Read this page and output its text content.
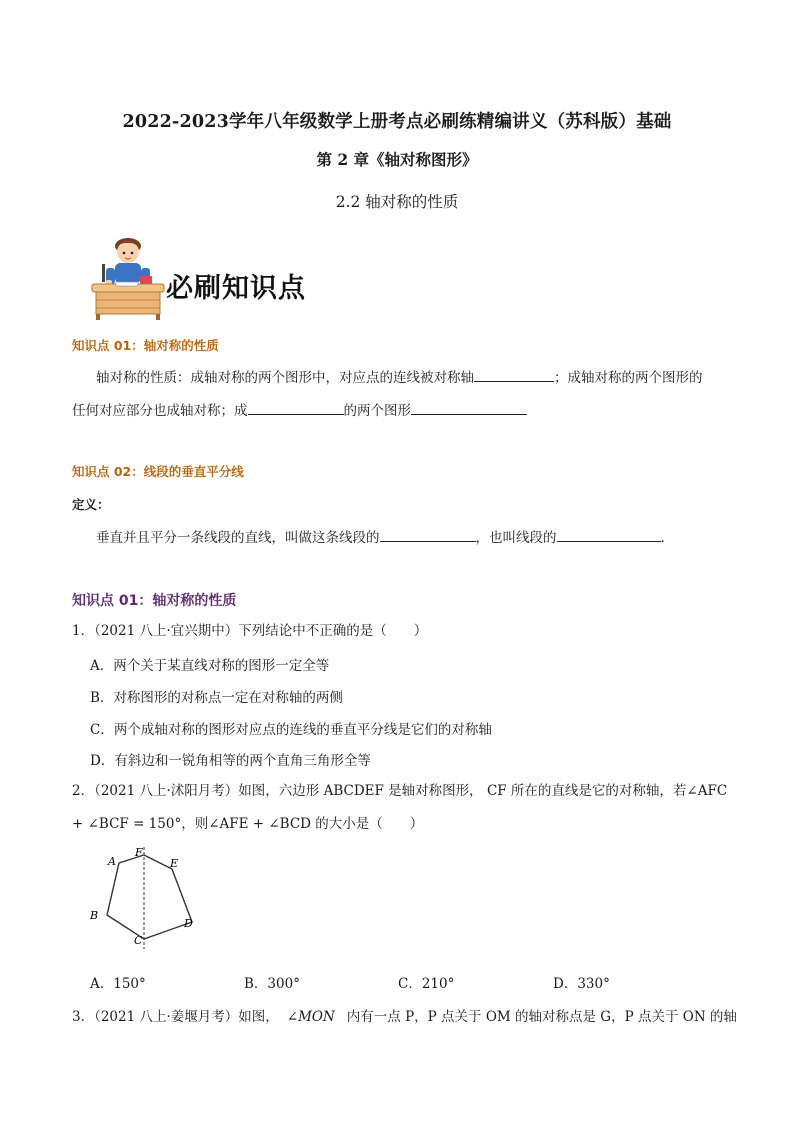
2022-2023学年八年级数学上册考点必刷练精编讲义（苏科版）基础
第 2 章《轴对称图形》
2.2 轴对称的性质
必刷知识点
知识点 01：轴对称的性质
轴对称的性质：成轴对称的两个图形中，对应点的连线被对称轴	；成轴对称的两个图形的
任何对应部分也成轴对称；成	的两个图形
知识点 02：线段的垂直平分线
定义：
垂直并且平分一条线段的直线，叫做这条线段的	，也叫线段的	.
知识点 01：轴对称的性质
1．（2021 八上·宜兴期中）下列结论中不正确的是（　　）
A．两个关于某直线对称的图形一定全等
B．对称图形的对称点一定在对称轴的两侧
C．两个成轴对称的图形对应点的连线的垂直平分线是它们的对称轴
D．有斜边和一锐角相等的两个直角三角形全等
2．（2021 八上·沭阳月考）如图，六边形 ABCDEF 是轴对称图形， CF 所在的直线是它的对称轴，若∠AFC
+ ∠BCF = 150°，则∠AFE + ∠BCD 的大小是（　　）
A
F
E
B
D
C
A．150°	B．300°	C．210°	D．330°
3．（2021 八上·姜堰月考）如图， ∠MON 内有一点 P，P 点关于 OM 的轴对称点是 G，P 点关于 ON 的轴
